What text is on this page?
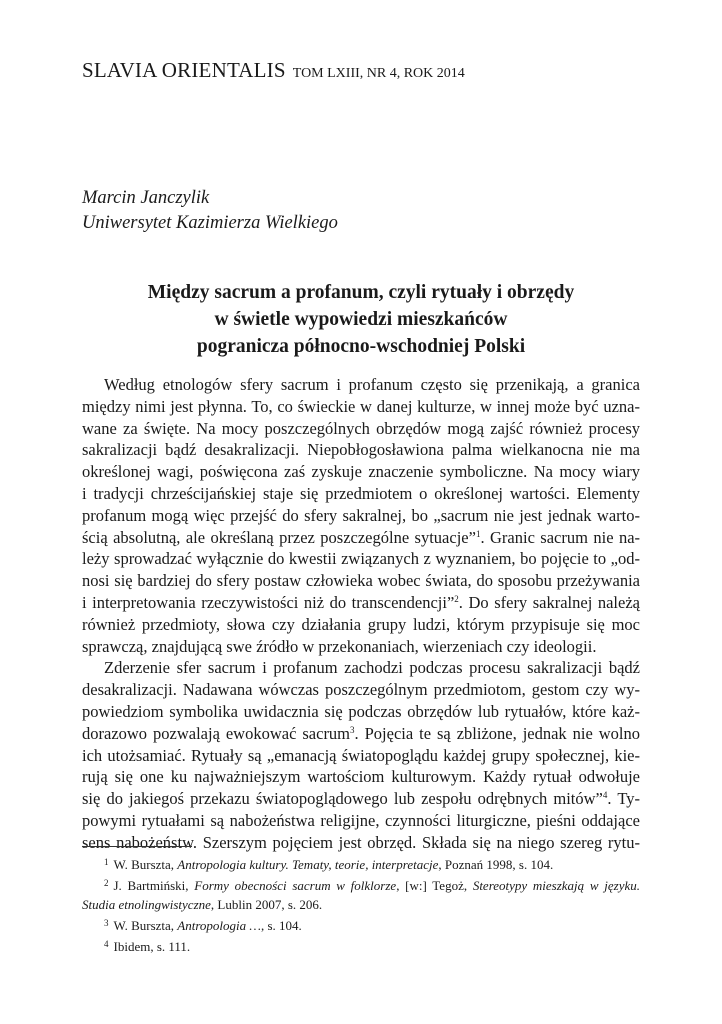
SLAVIA ORIENTALIS TOM LXIII, NR 4, ROK 2014
Marcin Janczylik
Uniwersytet Kazimierza Wielkiego
Między sacrum a profanum, czyli rytuały i obrzędy
w świetle wypowiedzi mieszkańców
pogranicza północno-wschodniej Polski
Według etnologów sfery sacrum i profanum często się przenikają, a granica
między nimi jest płynna. To, co świeckie w danej kulturze, w innej może być uzna-
wane za święte. Na mocy poszczególnych obrzędów mogą zajść również procesy
sakralizacji bądź desakralizacji. Niepobłogosławiona palma wielkanocna nie ma
określonej wagi, poświęcona zaś zyskuje znaczenie symboliczne. Na mocy wiary
i tradycji chrześcijańskiej staje się przedmiotem o określonej wartości. Elementy
profanum mogą więc przejść do sfery sakralnej, bo „sacrum nie jest jednak warto-
ścią absolutną, ale określaną przez poszczególne sytuacje”$^1$. Granic sacrum nie na-
leży sprowadzać wyłącznie do kwestii związanych z wyznaniem, bo pojęcie to „od-
nosi się bardziej do sfery postaw człowieka wobec świata, do sposobu przeżywania
i interpretowania rzeczywistości niż do transcendencji”$^2$. Do sfery sakralnej należą
również przedmioty, słowa czy działania grupy ludzi, którym przypisuje się moc
sprawczą, znajdującą swe źródło w przekonaniach, wierzeniach czy ideologii.
Zderzenie sfer sacrum i profanum zachodzi podczas procesu sakralizacji bądź
desakralizacji. Nadawana wówczas poszczególnym przedmiotom, gestom czy wy-
powiedziom symbolika uwidacznia się podczas obrzędów lub rytuałów, które każ-
dorazowo pozwalają ewokować sacrum$^3$. Pojęcia te są zbliżone, jednak nie wolno
ich utożsamiać. Rytuały są „emanacją światopoglądu każdej grupy społecznej, kie-
rują się one ku najważniejszym wartościom kulturowym. Każdy rytuał odwołuje
się do jakiegoś przekazu światopoglądowego lub zespołu odrębnych mitów”$^4$. Ty-
powymi rytuałami są nabożeństwa religijne, czynności liturgiczne, pieśni oddające
sens nabożeństw. Szerszym pojęciem jest obrzęd. Składa się na niego szereg rytu-
$^1$ W. Burszta, Antropologia kultury. Tematy, teorie, interpretacje, Poznań 1998, s. 104.
$^2$ J. Bartmiński, Formy obecności sacrum w folklorze, [w:] Tegoż, Stereotypy mieszkają w języku.
Studia etnolingwistyczne, Lublin 2007, s. 206.
$^3$ W. Burszta, Antropologia …, s. 104.
$^4$ Ibidem, s. 111.
